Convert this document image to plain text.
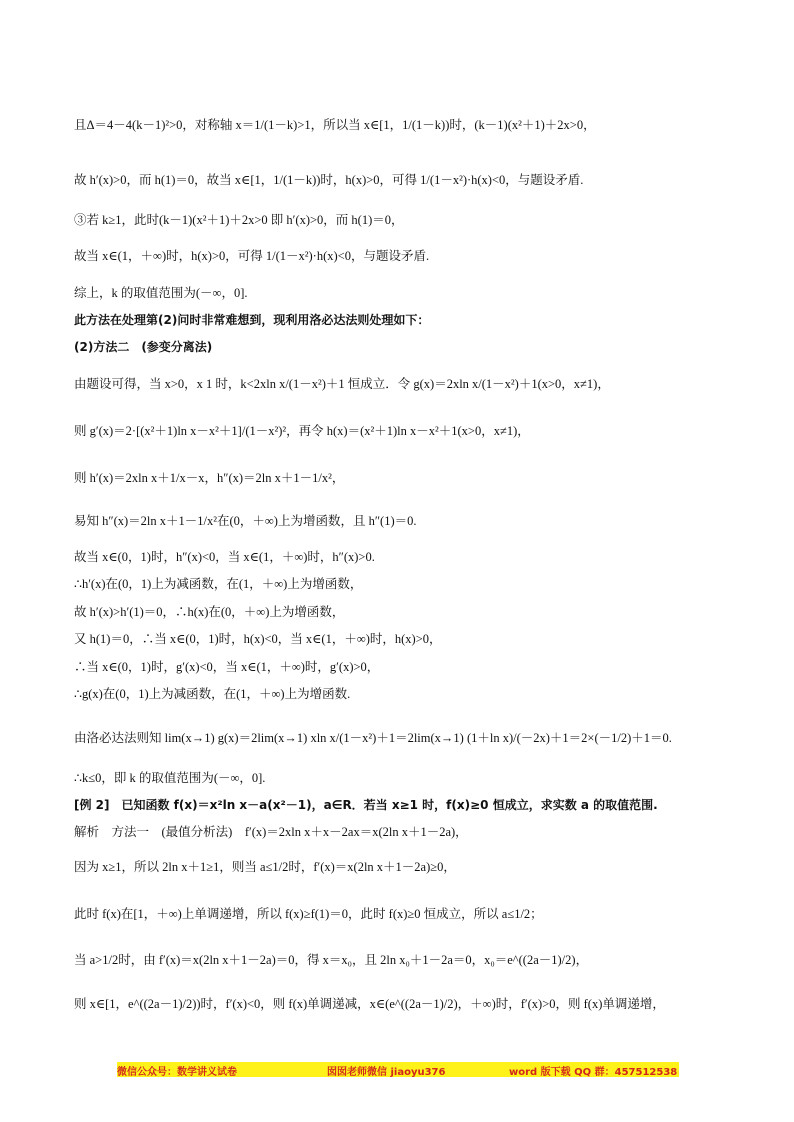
且Δ＝4－4(k－1)²>0，对称轴 x＝1/(1－k)>1，所以当 x∈[1，1/(1－k))时，(k－1)(x²＋1)＋2x>0，
故 h′(x)>0，而 h(1)＝0，故当 x∈[1，1/(1－k))时，h(x)>0，可得 1/(1－x²)·h(x)<0，与题设矛盾.
③若 k≥1，此时(k－1)(x²＋1)＋2x>0 即 h′(x)>0，而 h(1)＝0，
故当 x∈(1，＋∞)时，h(x)>0，可得 1/(1－x²)·h(x)<0，与题设矛盾.
综上，k 的取值范围为(－∞，0].
此方法在处理第(2)问时非常难想到，现利用洛必达法则处理如下：
(2)方法二　(参变分离法)
由题设可得，当 x>0，x 1 时，k<2xln x/(1－x²)＋1 恒成立．令 g(x)＝2xln x/(1－x²)＋1(x>0，x≠1)，
则 g′(x)＝2·[(x²＋1)ln x－x²＋1]/(1－x²)²，再令 h(x)＝(x²＋1)ln x－x²＋1(x>0，x≠1)，
则 h′(x)＝2xln x＋1/x－x，h″(x)＝2ln x＋1－1/x²，
易知 h″(x)＝2ln x＋1－1/x²在(0，＋∞)上为增函数，且 h″(1)＝0.
故当 x∈(0，1)时，h″(x)<0，当 x∈(1，＋∞)时，h″(x)>0.
∴h′(x)在(0，1)上为减函数，在(1，＋∞)上为增函数，
故 h′(x)>h′(1)＝0，∴h(x)在(0，＋∞)上为增函数，
又 h(1)＝0，∴当 x∈(0，1)时，h(x)<0，当 x∈(1，＋∞)时，h(x)>0，
∴当 x∈(0，1)时，g′(x)<0，当 x∈(1，＋∞)时，g′(x)>0，
∴g(x)在(0，1)上为减函数，在(1，＋∞)上为增函数.
由洛必达法则知 lim(x→1) g(x)＝2lim(x→1) xln x/(1－x²)＋1＝2lim(x→1) (1＋ln x)/(－2x)＋1＝2×(－1/2)＋1＝0.
∴k≤0，即 k 的取值范围为(－∞，0].
[例 2]　已知函数 f(x)＝x²ln x－a(x²－1)，a∈R．若当 x≥1 时，f(x)≥0 恒成立，求实数 a 的取值范围.
解析　方法一　(最值分析法)　f′(x)＝2xln x＋x－2ax＝x(2ln x＋1－2a)，
因为 x≥1，所以 2ln x＋1≥1，则当 a≤1/2时，f′(x)＝x(2ln x＋1－2a)≥0，
此时 f(x)在[1，＋∞)上单调递增，所以 f(x)≥f(1)＝0，此时 f(x)≥0 恒成立，所以 a≤1/2；
当 a>1/2时，由 f′(x)＝x(2ln x＋1－2a)＝0，得 x＝x₀，且 2ln x₀＋1－2a＝0，x₀＝e^((2a－1)/2)，
则 x∈[1，e^((2a－1)/2))时，f′(x)<0，则 f(x)单调递减，x∈(e^((2a－1)/2)，＋∞)时，f′(x)>0，则 f(x)单调递增，
微信公众号：数学讲义试卷	囡囡老师微信 jiaoyu376	word 版下载 QQ 群：457512538
